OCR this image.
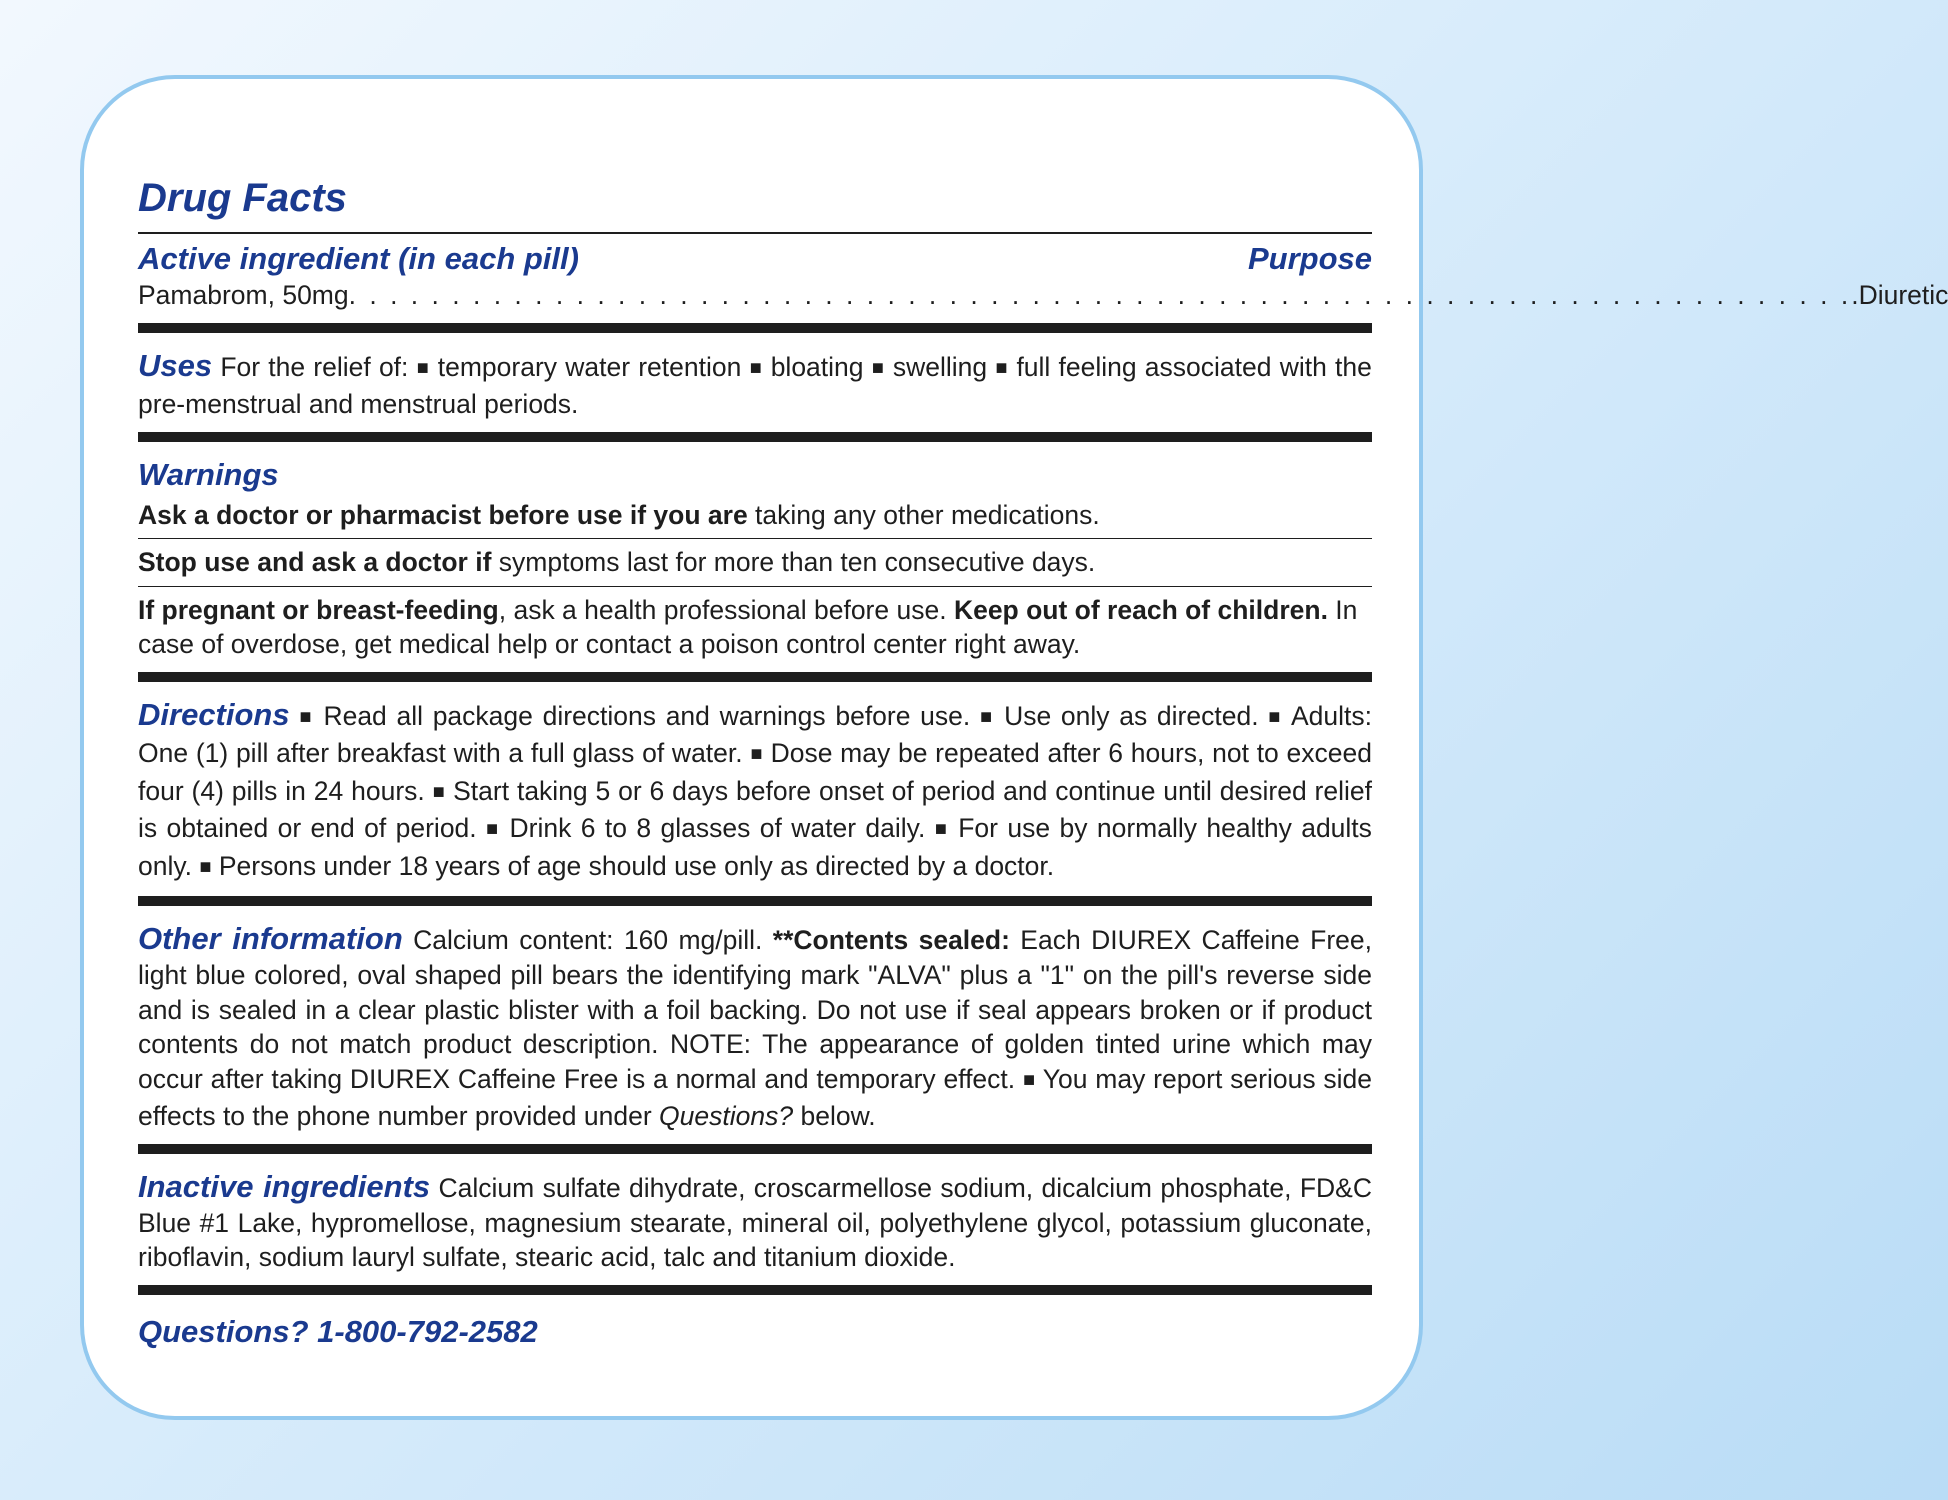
Drug Facts
Active ingredient (in each pill)	Purpose
Pamabrom, 50mg . . . . . . . . . . . . . . . . . . . . . . . . . . . . . . . . . . . . . . . . . . . . . . . . . . . . . . . . . . . . . . . . . . . . . . . . . .Diuretic
Uses For the relief of: ■ temporary water retention ■ bloating ■ swelling ■ full feeling associated with the pre-menstrual and menstrual periods.
Warnings
Ask a doctor or pharmacist before use if you are taking any other medications.
Stop use and ask a doctor if symptoms last for more than ten consecutive days.
If pregnant or breast-feeding, ask a health professional before use. Keep out of reach of children. In case of overdose, get medical help or contact a poison control center right away.
Directions ■ Read all package directions and warnings before use. ■ Use only as directed. ■ Adults: One (1) pill after breakfast with a full glass of water. ■ Dose may be repeated after 6 hours, not to exceed four (4) pills in 24 hours. ■ Start taking 5 or 6 days before onset of period and continue until desired relief is obtained or end of period. ■ Drink 6 to 8 glasses of water daily. ■ For use by normally healthy adults only. ■ Persons under 18 years of age should use only as directed by a doctor.
Other information Calcium content: 160 mg/pill. **Contents sealed: Each DIUREX Caffeine Free, light blue colored, oval shaped pill bears the identifying mark "ALVA" plus a "1" on the pill's reverse side and is sealed in a clear plastic blister with a foil backing. Do not use if seal appears broken or if product contents do not match product description. NOTE: The appearance of golden tinted urine which may occur after taking DIUREX Caffeine Free is a normal and temporary effect. ■ You may report serious side effects to the phone number provided under Questions? below.
Inactive ingredients Calcium sulfate dihydrate, croscarmellose sodium, dicalcium phosphate, FD&C Blue #1 Lake, hypromellose, magnesium stearate, mineral oil, polyethylene glycol, potassium gluconate, riboflavin, sodium lauryl sulfate, stearic acid, talc and titanium dioxide.
Questions? 1-800-792-2582
